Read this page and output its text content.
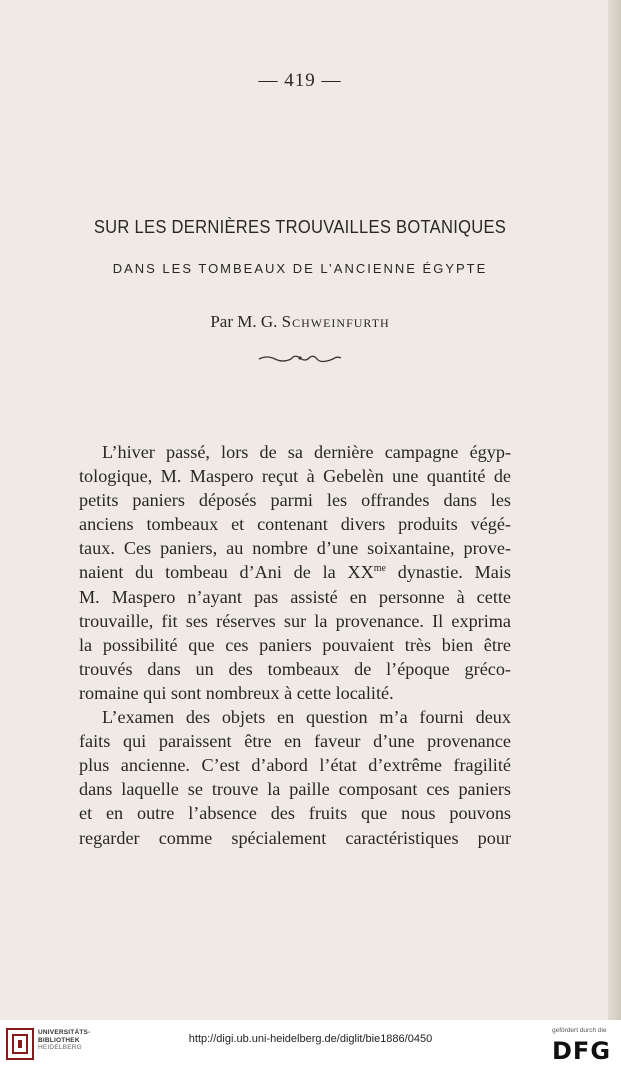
— 419 —
SUR LES DERNIÈRES TROUVAILLES BOTANIQUES
DANS LES TOMBEAUX DE L’ANCIENNE ÉGYPTE
Par M. G. Schweinfurth

L’hiver passé, lors de sa dernière campagne égyp-
tologique, M. Maspero reçut à Gebelèn une quantité de
petits paniers déposés parmi les offrandes dans les
anciens tombeaux et contenant divers produits végé-
taux. Ces paniers, au nombre d’une soixantaine, prove-
naient du tombeau d’Ani de la $XX^{me}$ dynastie. Mais
M. Maspero n’ayant pas assisté en personne à cette
trouvaille, fit ses réserves sur la provenance. Il exprima
la possibilité que ces paniers pouvaient très bien être
trouvés dans un des tombeaux de l’époque gréco-
romaine qui sont nombreux à cette localité.

L’examen des objets en question m’a fourni deux
faits qui paraissent être en faveur d’une provenance
plus ancienne. C’est d’abord l’état d’extrême fragilité
dans laquelle se trouve la paille composant ces paniers
et en outre l’absence des fruits que nous pouvons
regarder comme spécialement caractéristiques pour

UNIVERSITÄTS-
BIBLIOTHEK
HEIDELBERG
http://digi.ub.uni-heidelberg.de/diglit/bie1886/0450
gefördert durch die
DFG
